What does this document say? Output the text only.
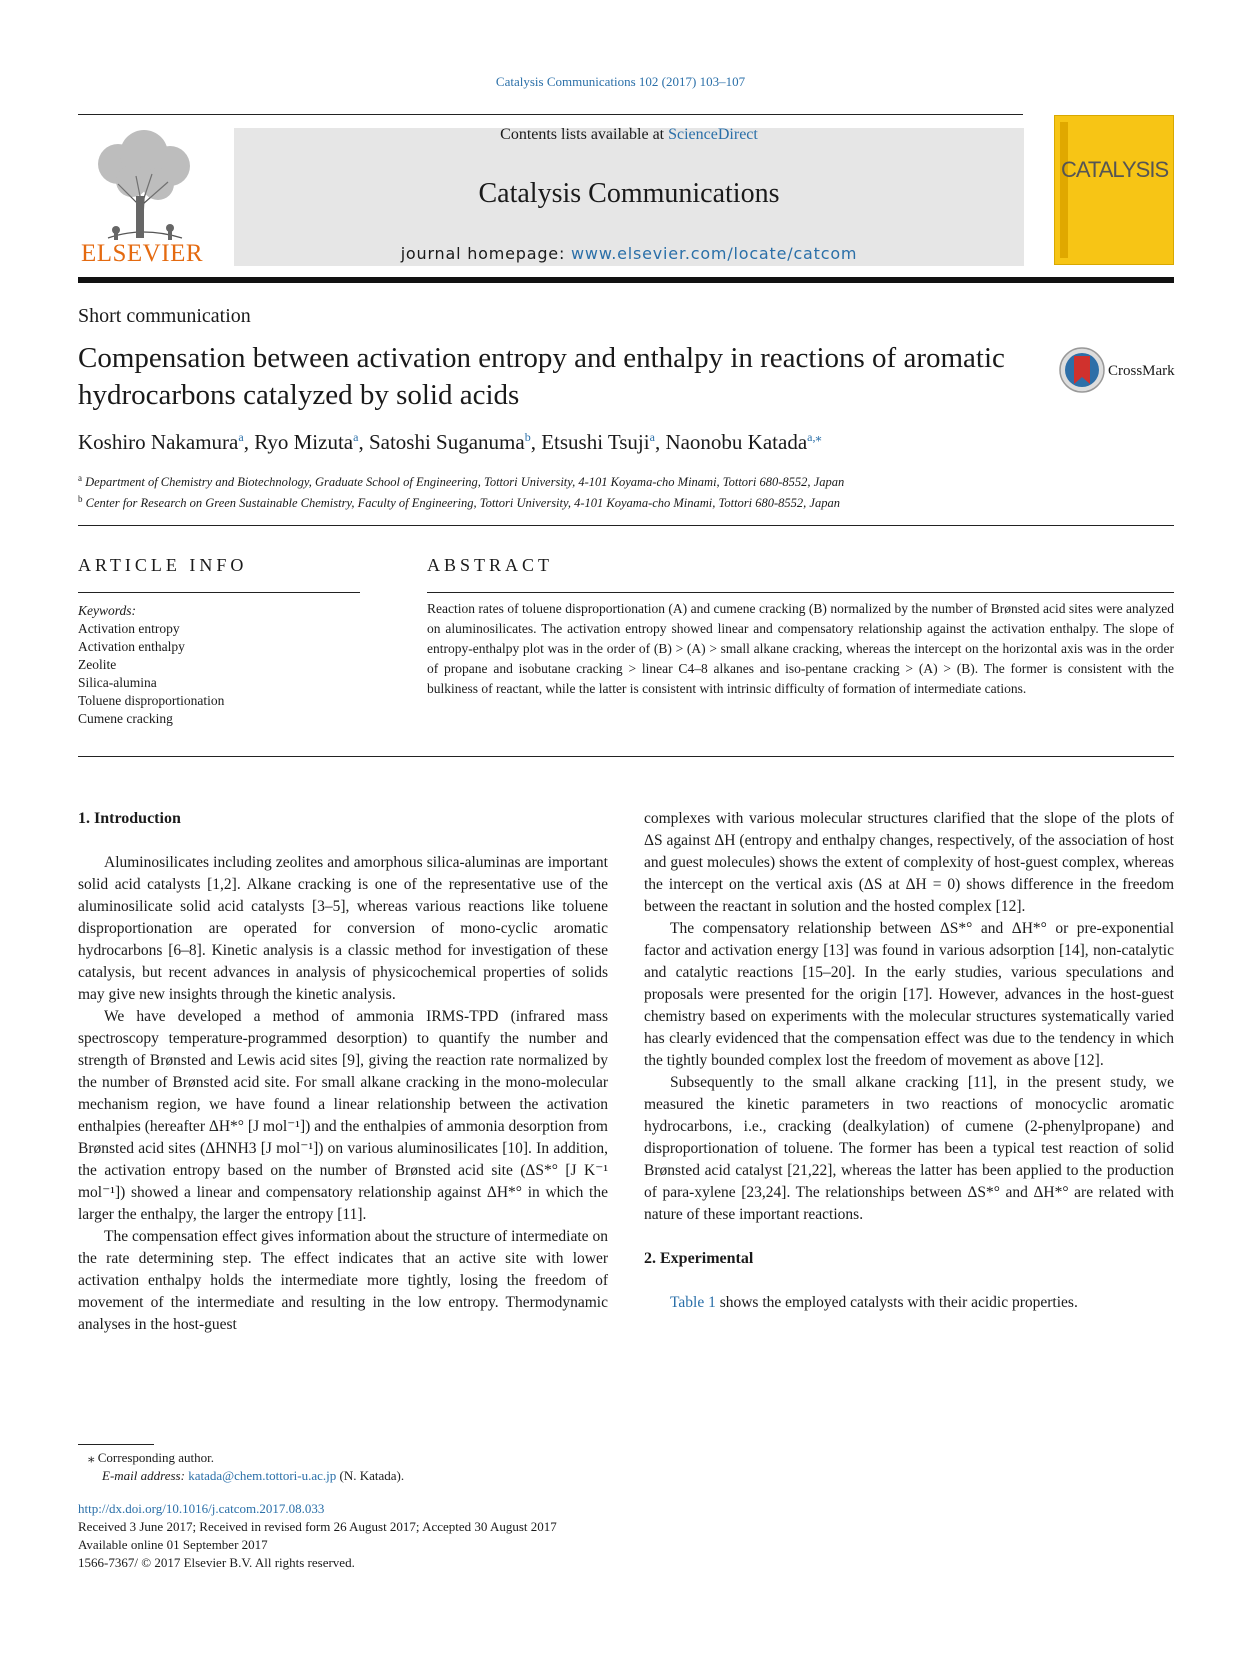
Catalysis Communications 102 (2017) 103–107
ELSEVIER
Contents lists available at ScienceDirect
Catalysis Communications
journal homepage: www.elsevier.com/locate/catcom
CATALYSIS
Short communication
Compensation between activation entropy and enthalpy in reactions of aromatic hydrocarbons catalyzed by solid acids
CrossMark
Koshiro Nakamura$^a$, Ryo Mizuta$^a$, Satoshi Suganuma$^b$, Etsushi Tsuji$^a$, Naonobu Katada$^{a,⁎}$
$^a$ Department of Chemistry and Biotechnology, Graduate School of Engineering, Tottori University, 4-101 Koyama-cho Minami, Tottori 680-8552, Japan
$^b$ Center for Research on Green Sustainable Chemistry, Faculty of Engineering, Tottori University, 4-101 Koyama-cho Minami, Tottori 680-8552, Japan
ARTICLE INFO	ABSTRACT
Keywords:
Activation entropy
Activation enthalpy
Zeolite
Silica-alumina
Toluene disproportionation
Cumene cracking
Reaction rates of toluene disproportionation (A) and cumene cracking (B) normalized by the number of Brønsted acid sites were analyzed on aluminosilicates. The activation entropy showed linear and compensatory relationship against the activation enthalpy. The slope of entropy-enthalpy plot was in the order of (B) > (A) > small alkane cracking, whereas the intercept on the horizontal axis was in the order of propane and isobutane cracking > linear C4–8 alkanes and iso-pentane cracking > (A) > (B). The former is consistent with the bulkiness of reactant, while the latter is consistent with intrinsic difficulty of formation of intermediate cations.
1. Introduction

Aluminosilicates including zeolites and amorphous silica-aluminas are important solid acid catalysts [1,2]. Alkane cracking is one of the representative use of the aluminosilicate solid acid catalysts [3–5], whereas various reactions like toluene disproportionation are operated for conversion of mono-cyclic aromatic hydrocarbons [6–8]. Kinetic analysis is a classic method for investigation of these catalysis, but recent advances in analysis of physicochemical properties of solids may give new insights through the kinetic analysis.

We have developed a method of ammonia IRMS-TPD (infrared mass spectroscopy temperature-programmed desorption) to quantify the number and strength of Brønsted and Lewis acid sites [9], giving the reaction rate normalized by the number of Brønsted acid site. For small alkane cracking in the mono-molecular mechanism region, we have found a linear relationship between the activation enthalpies (hereafter ΔH*° [J mol⁻¹]) and the enthalpies of ammonia desorption from Brønsted acid sites (ΔHNH3 [J mol⁻¹]) on various aluminosilicates [10]. In addition, the activation entropy based on the number of Brønsted acid site (ΔS*° [J K⁻¹ mol⁻¹]) showed a linear and compensatory relationship against ΔH*° in which the larger the enthalpy, the larger the entropy [11].

The compensation effect gives information about the structure of intermediate on the rate determining step. The effect indicates that an active site with lower activation enthalpy holds the intermediate more tightly, losing the freedom of movement of the intermediate and resulting in the low entropy. Thermodynamic analyses in the host-guest

complexes with various molecular structures clarified that the slope of the plots of ΔS against ΔH (entropy and enthalpy changes, respectively, of the association of host and guest molecules) shows the extent of complexity of host-guest complex, whereas the intercept on the vertical axis (ΔS at ΔH = 0) shows difference in the freedom between the reactant in solution and the hosted complex [12].

The compensatory relationship between ΔS*° and ΔH*° or pre-exponential factor and activation energy [13] was found in various adsorption [14], non-catalytic and catalytic reactions [15–20]. In the early studies, various speculations and proposals were presented for the origin [17]. However, advances in the host-guest chemistry based on experiments with the molecular structures systematically varied has clearly evidenced that the compensation effect was due to the tendency in which the tightly bounded complex lost the freedom of movement as above [12].

Subsequently to the small alkane cracking [11], in the present study, we measured the kinetic parameters in two reactions of monocyclic aromatic hydrocarbons, i.e., cracking (dealkylation) of cumene (2-phenylpropane) and disproportionation of toluene. The former has been a typical test reaction of solid Brønsted acid catalyst [21,22], whereas the latter has been applied to the production of para-xylene [23,24]. The relationships between ΔS*° and ΔH*° are related with nature of these important reactions.

2. Experimental

Table 1 shows the employed catalysts with their acidic properties.

⁎ Corresponding author.
E-mail address: katada@chem.tottori-u.ac.jp (N. Katada).
http://dx.doi.org/10.1016/j.catcom.2017.08.033
Received 3 June 2017; Received in revised form 26 August 2017; Accepted 30 August 2017
Available online 01 September 2017
1566-7367/ © 2017 Elsevier B.V. All rights reserved.
